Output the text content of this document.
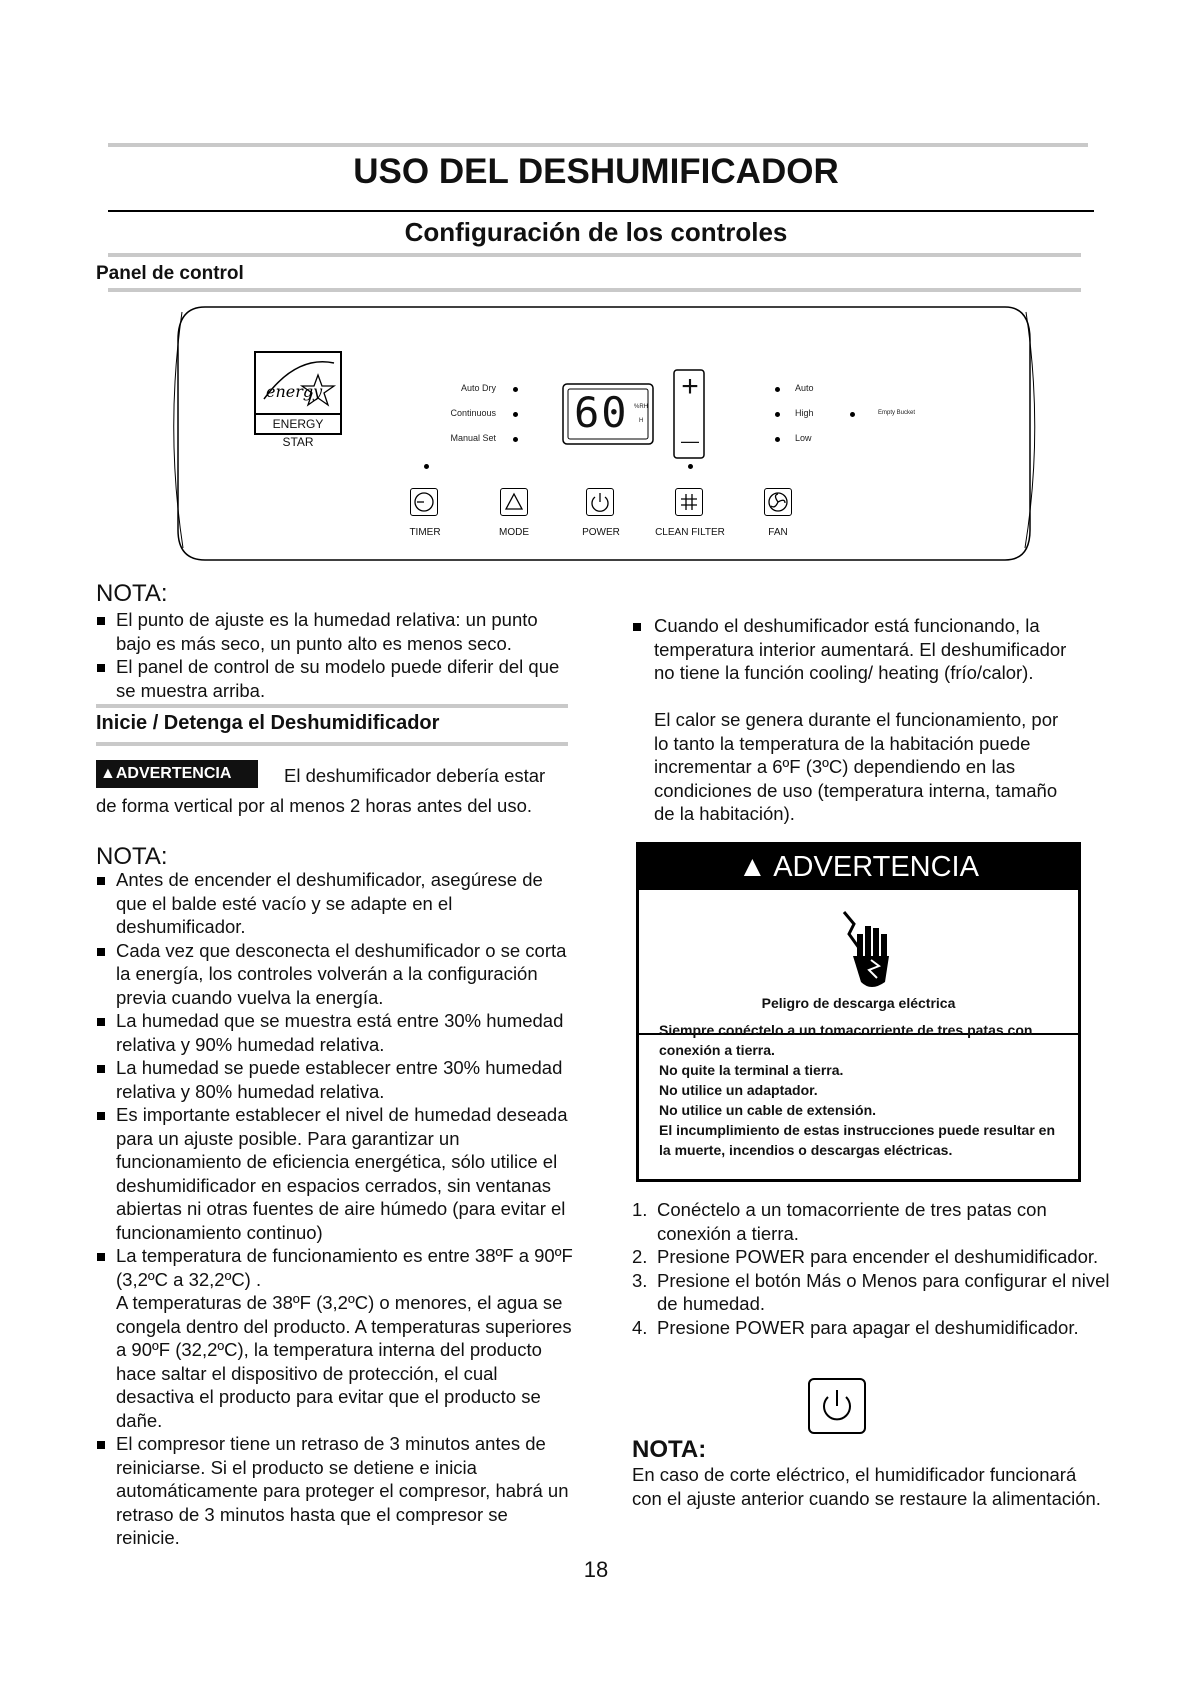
USO DEL DESHUMIFICADOR
Configuración de los controles
Panel de control
energy
ENERGY STAR
Auto Dry
Continuous
Manual Set
60 %RH
H
+
—
Auto
High
Low
Empty Bucket
TIMER	MODE	POWER	CLEAN FILTER	FAN
NOTA:
El punto de ajuste es la humedad relativa: un punto bajo es más seco, un punto alto es menos seco.
El panel de control de su modelo puede diferir del que se muestra arriba.
Inicie / Detenga el Deshumidificador
▲ADVERTENCIA	El deshumificador debería estar
de forma vertical por al menos 2 horas antes del uso.
NOTA:
Antes de encender el deshumificador, asegúrese de que el balde esté vacío y se adapte en el deshumificador.
Cada vez que desconecta el deshumificador o se corta la energía, los controles volverán a la configuración previa cuando vuelva la energía.
La humedad que se muestra está entre 30% humedad relativa y 90% humedad relativa.
La humedad se puede establecer entre 30% humedad relativa y 80% humedad relativa.
Es importante establecer el nivel de humedad deseada para un ajuste posible. Para garantizar un funcionamiento de eficiencia energética, sólo utilice el deshumidificador en espacios cerrados, sin ventanas abiertas ni otras fuentes de aire húmedo (para evitar el funcionamiento continuo)
La temperatura de funcionamiento es entre 38ºF a 90ºF (3,2ºC a 32,2ºC) .
A temperaturas de 38ºF (3,2ºC) o menores, el agua se congela dentro del producto. A temperaturas superiores a 90ºF (32,2ºC), la temperatura interna del producto hace saltar el dispositivo de protección, el cual desactiva el producto para evitar que el producto se dañe.
El compresor tiene un retraso de 3 minutos antes de reiniciarse. Si el producto se detiene e inicia automáticamente para proteger el compresor, habrá un retraso de 3 minutos hasta que el compresor se reinicie.
Cuando el deshumificador está funcionando, la temperatura interior aumentará. El deshumificador no tiene la función cooling/ heating (frío/calor).
El calor se genera durante el funcionamiento, por lo tanto la temperatura de la habitación puede incrementar a 6ºF (3ºC) dependiendo en las condiciones de uso (temperatura interna, tamaño de la habitación).
▲ ADVERTENCIA
Peligro de descarga eléctrica
Siempre conéctelo a un tomacorriente de tres patas con conexión a tierra.
No quite la terminal a tierra.
No utilice un adaptador.
No utilice un cable de extensión.
El incumplimiento de estas instrucciones puede resultar en la muerte, incendios o descargas eléctricas.
1. Conéctelo a un tomacorriente de tres patas con conexión a tierra.
2. Presione POWER para encender el deshumidificador.
3. Presione el botón Más o Menos para configurar el nivel de humedad.
4. Presione POWER para apagar el deshumidificador.
NOTA:
En caso de corte eléctrico, el humidificador funcionará con el ajuste anterior cuando se restaure la alimentación.
18
